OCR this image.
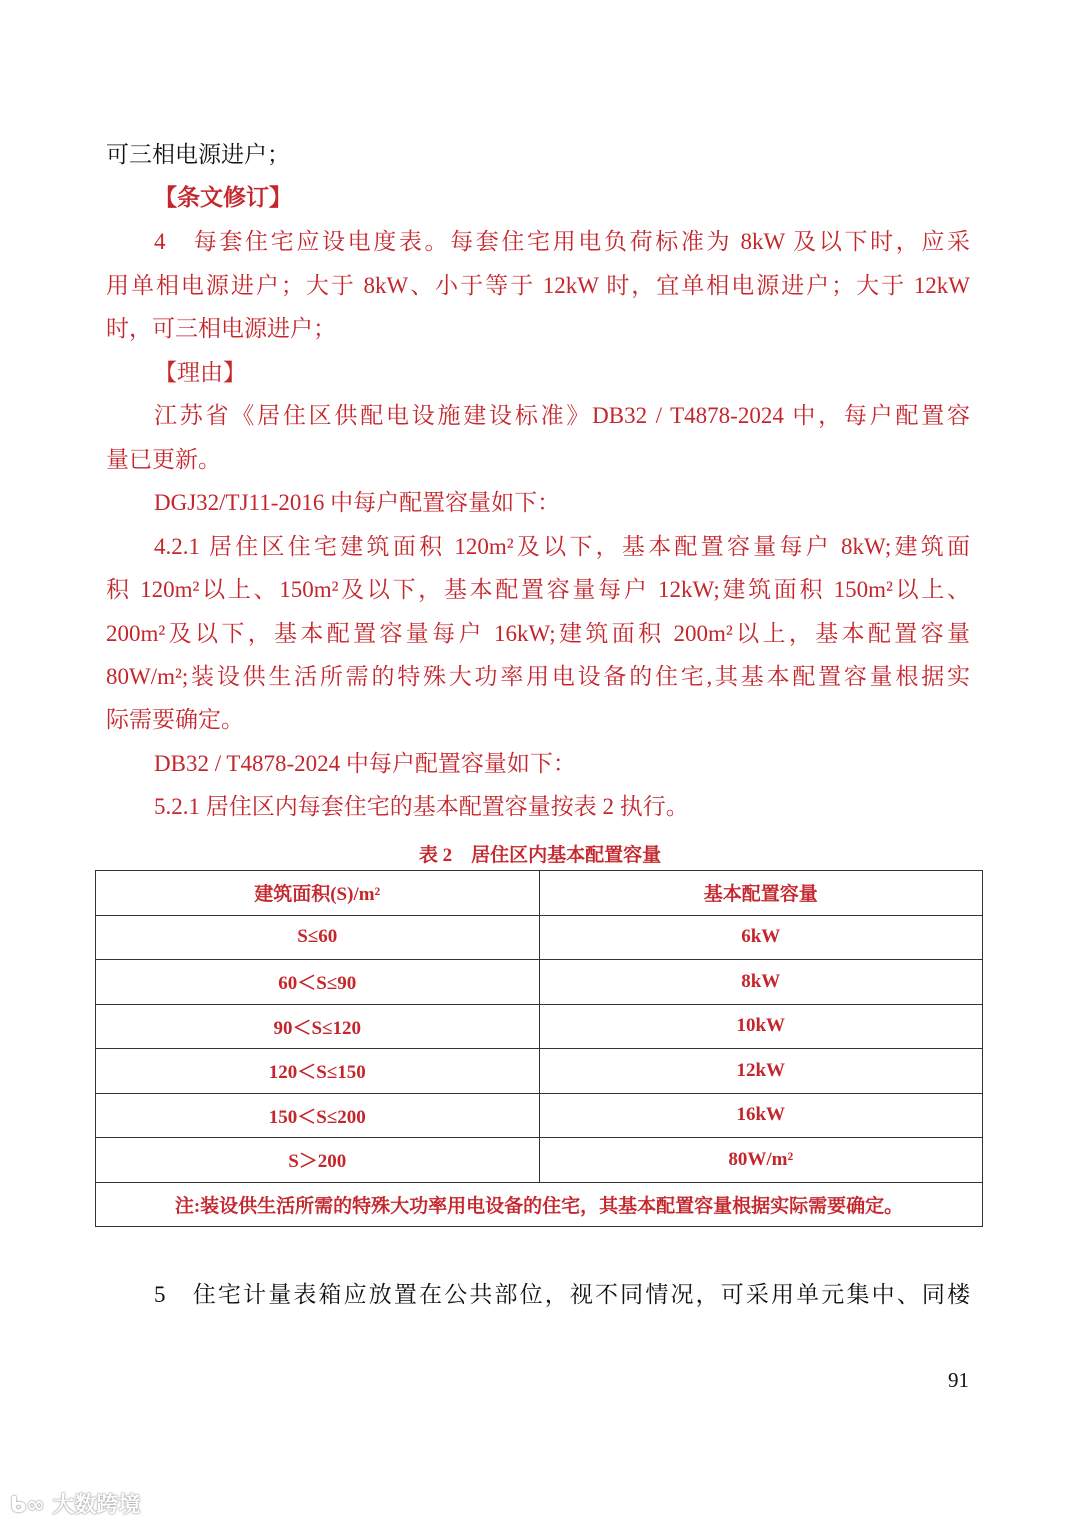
可三相电源进户；
【条文修订】
4　每套住宅应设电度表。每套住宅用电负荷标准为 8kW 及以下时，应采
用单相电源进户；大于 8kW、小于等于 12kW 时，宜单相电源进户；大于 12kW
时，可三相电源进户；
【理由】
江苏省《居住区供配电设施建设标准》DB32 / T4878-2024 中，每户配置容
量已更新。
DGJ32/TJ11-2016 中每户配置容量如下：
4.2.1 居住区住宅建筑面积 120m²及以下，基本配置容量每户 8kW;建筑面
积 120m²以上、150m²及以下，基本配置容量每户 12kW;建筑面积 150m²以上、
200m²及以下，基本配置容量每户 16kW;建筑面积 200m²以上，基本配置容量
80W/m²;装设供生活所需的特殊大功率用电设备的住宅,其基本配置容量根据实
际需要确定。
DB32 / T4878-2024 中每户配置容量如下：
5.2.1 居住区内每套住宅的基本配置容量按表 2 执行。
表 2　居住区内基本配置容量
建筑面积(S)/m²	基本配置容量
S≤60	6kW
60＜S≤90	8kW
90＜S≤120	10kW
120＜S≤150	12kW
150＜S≤200	16kW
S＞200	80W/m²
注:装设供生活所需的特殊大功率用电设备的住宅，其基本配置容量根据实际需要确定。	
5　住宅计量表箱应放置在公共部位，视不同情况，可采用单元集中、同楼
91
ᑲ∞ 大数跨境
